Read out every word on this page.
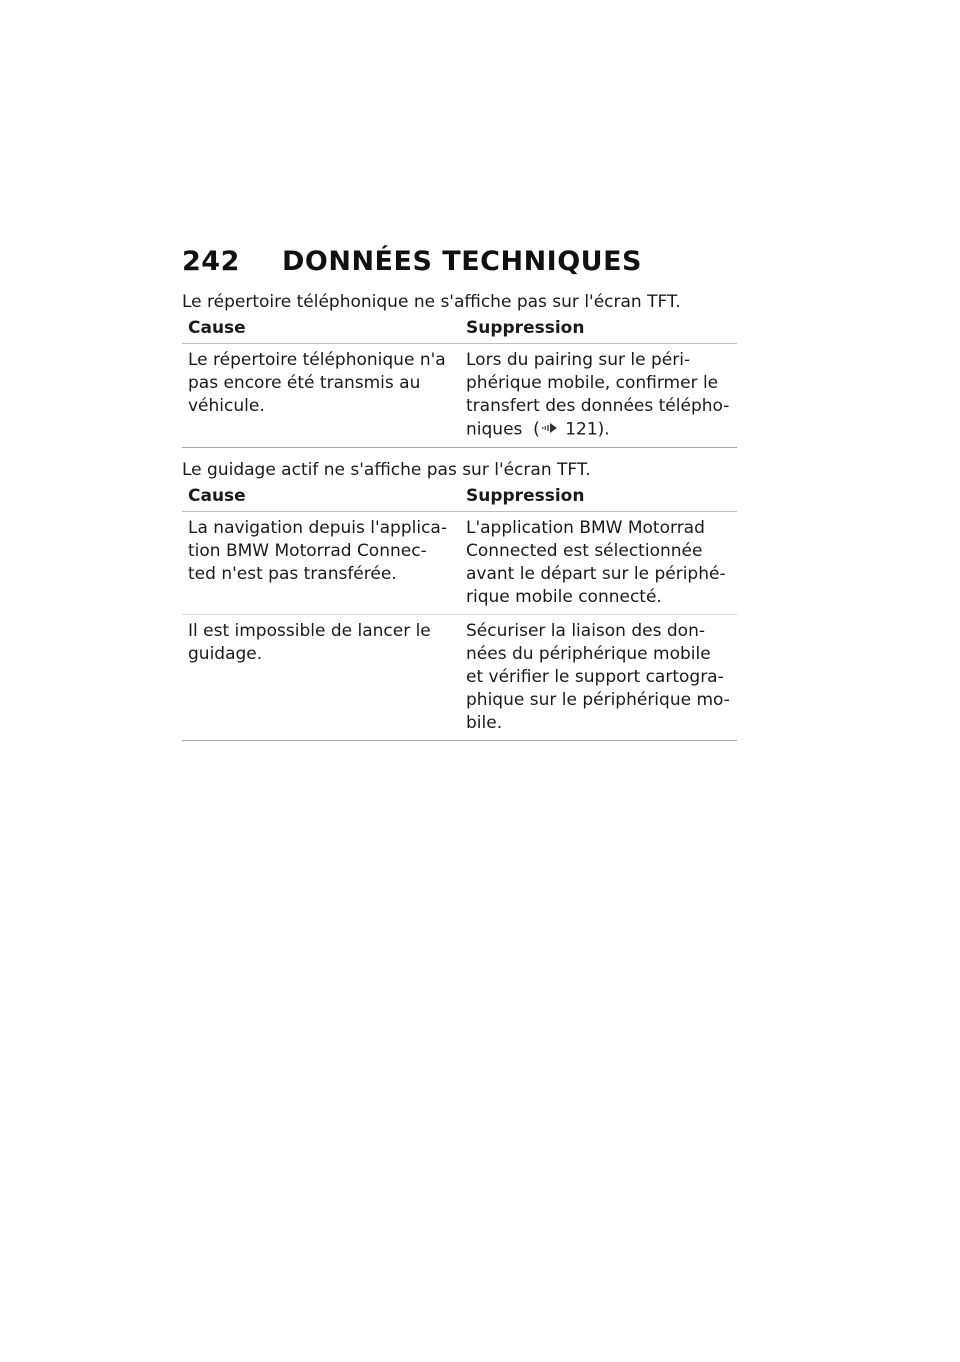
242	DONNÉES TECHNIQUES

Le répertoire téléphonique ne s'affiche pas sur l'écran TFT.

Cause	Suppression

Le répertoire téléphonique n'a
pas encore été transmis au
véhicule.	Lors du pairing sur le péri-
phérique mobile, confirmer le
transfert des données télépho-
niques  ( 121).

Le guidage actif ne s'affiche pas sur l'écran TFT.

Cause	Suppression

La navigation depuis l'applica-
tion BMW Motorrad Connec-
ted n'est pas transférée.	L'application BMW Motorrad
Connected est sélectionnée
avant le départ sur le périphé-
rique mobile connecté.

Il est impossible de lancer le
guidage.	Sécuriser la liaison des don-
nées du périphérique mobile
et vérifier le support cartogra-
phique sur le périphérique mo-
bile.
